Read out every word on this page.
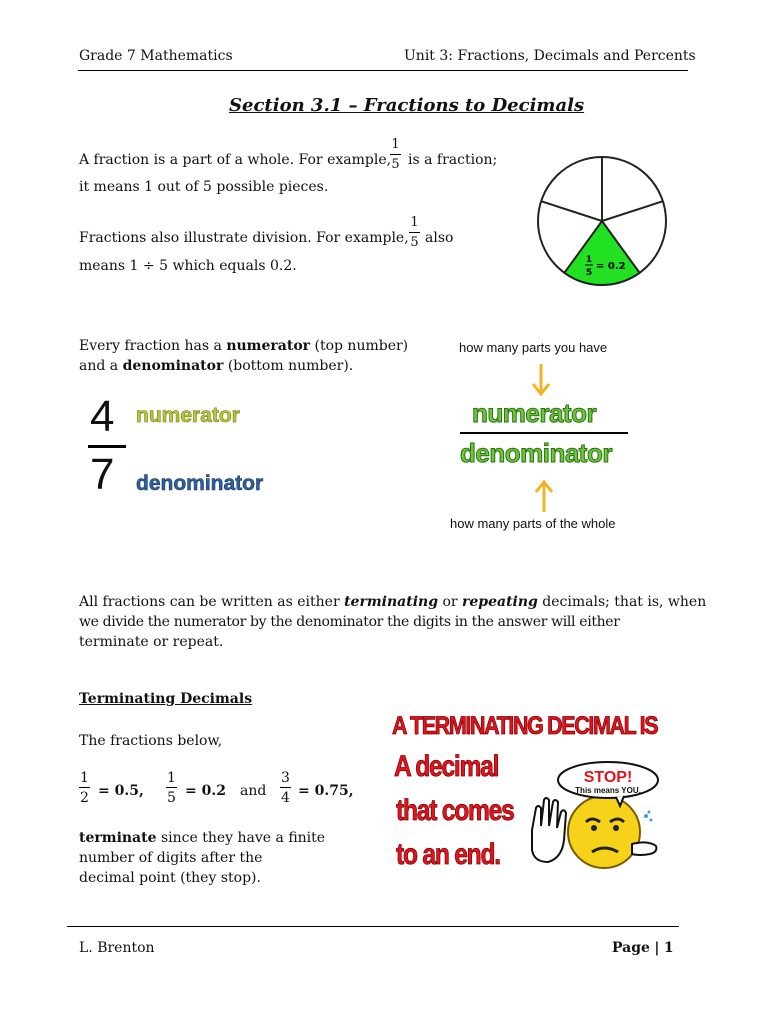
Grade 7 Mathematics	Unit 3: Fractions, Decimals and Percents
Section 3.1 – Fractions to Decimals
A fraction is a part of a whole. For example,
1
5 is a fraction;
it means 1 out of 5 possible pieces.
Fractions also illustrate division. For example,
1
5 also
means 1 ÷ 5 which equals 0.2.	1
5
= 0.2
Every fraction has a numerator (top number)
and a denominator (bottom number).
4
7
numerator
denominator
how many parts you have
numerator
denominator
how many parts of the whole
All fractions can be written as either terminating or repeating decimals; that is, when
we divide the numerator by the denominator the digits in the answer will either
terminate or repeat.
Terminating Decimals
The fractions below,
1
2 = 0.5,
1
5 = 0.2 and
3
4 = 0.75,
terminate since they have a finite
number of digits after the
decimal point (they stop).
A TERMINATING DECIMAL IS
A decimal
that comes
to an end.
STOP!
This means YOU.
L. Brenton	Page | 1
